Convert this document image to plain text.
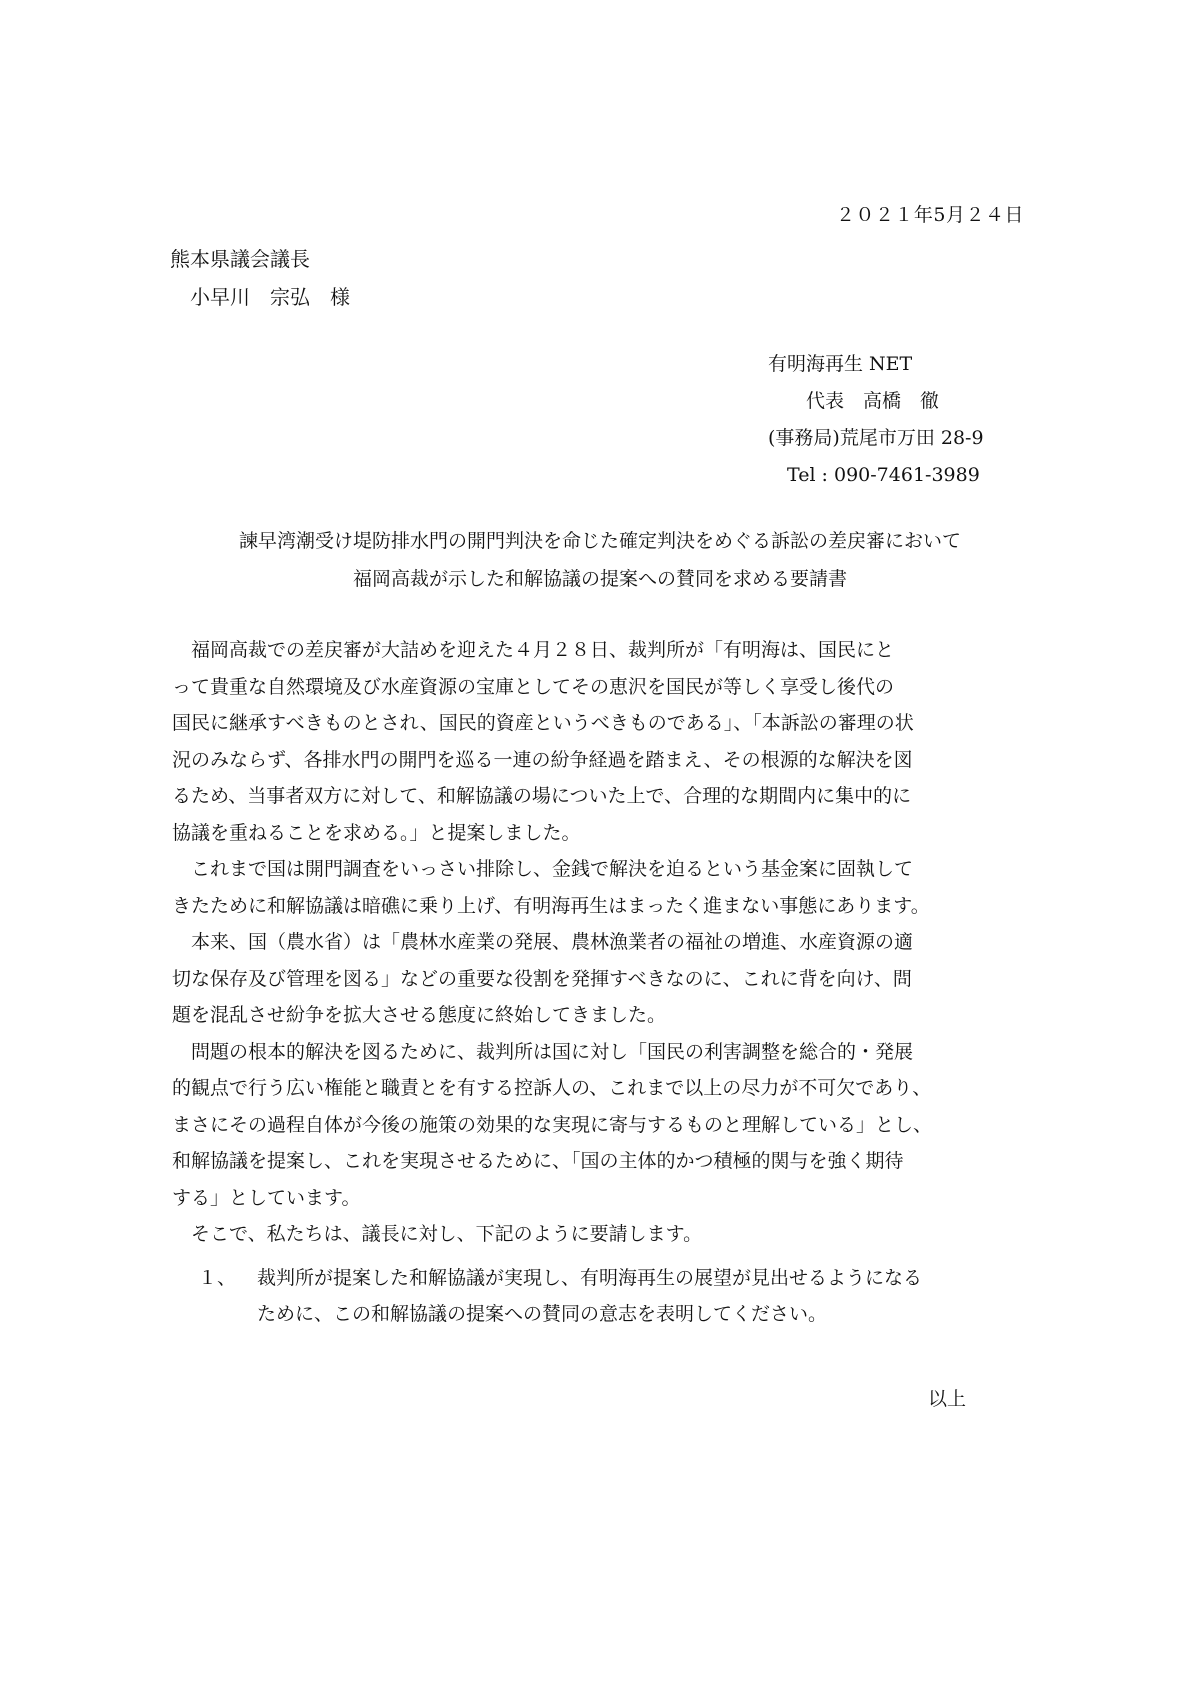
２０２１年5月２４日
熊本県議会議長
　小早川　宗弘　様
有明海再生 NET
　　代表　高橋　徹
(事務局)荒尾市万田 28-9
　Tel : 090-7461-3989
諫早湾潮受け堤防排水門の開門判決を命じた確定判決をめぐる訴訟の差戻審において
福岡高裁が示した和解協議の提案への賛同を求める要請書
　福岡高裁での差戻審が大詰めを迎えた４月２８日、裁判所が「有明海は、国民にと
って貴重な自然環境及び水産資源の宝庫としてその恵沢を国民が等しく享受し後代の
国民に継承すべきものとされ、国民的資産というべきものである」、「本訴訟の審理の状
況のみならず、各排水門の開門を巡る一連の紛争経過を踏まえ、その根源的な解決を図
るため、当事者双方に対して、和解協議の場についた上で、合理的な期間内に集中的に
協議を重ねることを求める。」と提案しました。
　これまで国は開門調査をいっさい排除し、金銭で解決を迫るという基金案に固執して
きたために和解協議は暗礁に乗り上げ、有明海再生はまったく進まない事態にあります。
　本来、国（農水省）は「農林水産業の発展、農林漁業者の福祉の増進、水産資源の適
切な保存及び管理を図る」などの重要な役割を発揮すべきなのに、これに背を向け、問
題を混乱させ紛争を拡大させる態度に終始してきました。
　問題の根本的解決を図るために、裁判所は国に対し「国民の利害調整を総合的・発展
的観点で行う広い権能と職責とを有する控訴人の、これまで以上の尽力が不可欠であり、
まさにその過程自体が今後の施策の効果的な実現に寄与するものと理解している」とし、
和解協議を提案し、これを実現させるために、「国の主体的かつ積極的関与を強く期待
する」としています。
　そこで、私たちは、議長に対し、下記のように要請します。
１、	　裁判所が提案した和解協議が実現し、有明海再生の展望が見出せるようになる
　ために、この和解協議の提案への賛同の意志を表明してください。
以上
